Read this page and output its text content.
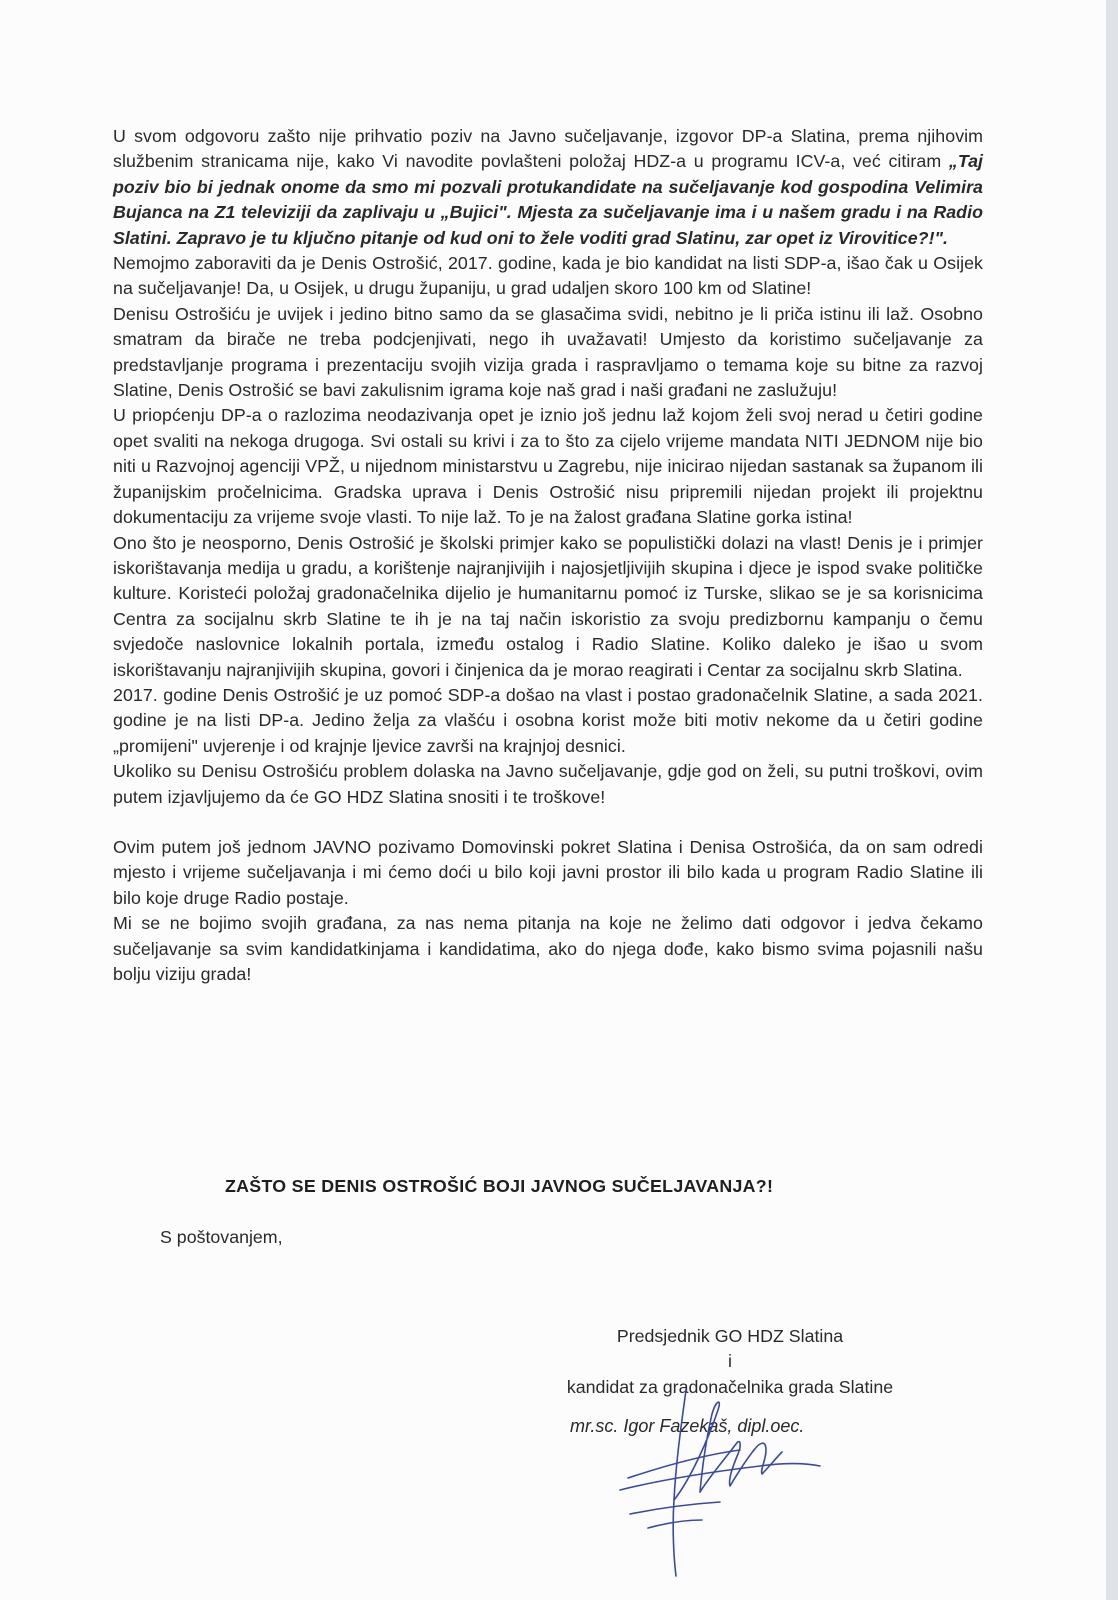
U svom odgovoru zašto nije prihvatio poziv na Javno sučeljavanje, izgovor DP-a Slatina, prema njihovim službenim stranicama nije, kako Vi navodite povlašteni položaj HDZ-a u programu ICV-a, već citiram „Taj poziv bio bi jednak onome da smo mi pozvali protukandidate na sučeljavanje kod gospodina Velimira Bujanca na Z1 televiziji da zaplivaju u „Bujici". Mjesta za sučeljavanje ima i u našem gradu i na Radio Slatini. Zapravo je tu ključno pitanje od kud oni to žele voditi grad Slatinu, zar opet iz Virovitice?!".

Nemojmo zaboraviti da je Denis Ostrošić, 2017. godine, kada je bio kandidat na listi SDP-a, išao čak u Osijek na sučeljavanje! Da, u Osijek, u drugu županiju, u grad udaljen skoro 100 km od Slatine!

Denisu Ostrošiću je uvijek i jedino bitno samo da se glasačima svidi, nebitno je li priča istinu ili laž. Osobno smatram da birače ne treba podcjenjivati, nego ih uvažavati! Umjesto da koristimo sučeljavanje za predstavljanje programa i prezentaciju svojih vizija grada i raspravljamo o temama koje su bitne za razvoj Slatine, Denis Ostrošić se bavi zakulisnim igrama koje naš grad i naši građani ne zaslužuju!

U priopćenju DP-a o razlozima neodazivanja opet je iznio još jednu laž kojom želi svoj nerad u četiri godine opet svaliti na nekoga drugoga. Svi ostali su krivi i za to što za cijelo vrijeme mandata NITI JEDNOM nije bio niti u Razvojnoj agenciji VPŽ, u nijednom ministarstvu u Zagrebu, nije inicirao nijedan sastanak sa županom ili županijskim pročelnicima. Gradska uprava i Denis Ostrošić nisu pripremili nijedan projekt ili projektnu dokumentaciju za vrijeme svoje vlasti. To nije laž. To je na žalost građana Slatine gorka istina!

Ono što je neosporno, Denis Ostrošić je školski primjer kako se populistički dolazi na vlast! Denis je i primjer iskorištavanja medija u gradu, a korištenje najranjivijih i najosjetljivijih skupina i djece je ispod svake političke kulture. Koristeći položaj gradonačelnika dijelio je humanitarnu pomoć iz Turske, slikao se je sa korisnicima Centra za socijalnu skrb Slatine te ih je na taj način iskoristio za svoju predizbornu kampanju o čemu svjedoče naslovnice lokalnih portala, između ostalog i Radio Slatine. Koliko daleko je išao u svom iskorištavanju najranjivijih skupina, govori i činjenica da je morao reagirati i Centar za socijalnu skrb Slatina.

2017. godine Denis Ostrošić je uz pomoć SDP-a došao na vlast i postao gradonačelnik Slatine, a sada 2021. godine je na listi DP-a. Jedino želja za vlašću i osobna korist može biti motiv nekome da u četiri godine „promijeni" uvjerenje i od krajnje ljevice završi na krajnjoj desnici.

Ukoliko su Denisu Ostrošiću problem dolaska na Javno sučeljavanje, gdje god on želi, su putni troškovi, ovim putem izjavljujemo da će GO HDZ Slatina snositi i te troškove!

Ovim putem još jednom JAVNO pozivamo Domovinski pokret Slatina i Denisa Ostrošića, da on sam odredi mjesto i vrijeme sučeljavanja i mi ćemo doći u bilo koji javni prostor ili bilo kada u program Radio Slatine ili bilo koje druge Radio postaje.

Mi se ne bojimo svojih građana, za nas nema pitanja na koje ne želimo dati odgovor i jedva čekamo sučeljavanje sa svim kandidatkinjama i kandidatima, ako do njega dođe, kako bismo svima pojasnili našu bolju viziju grada!

ZAŠTO SE DENIS OSTROŠIĆ BOJI JAVNOG SUČELJAVANJA?!
S poštovanjem,
Predsjednik GO HDZ Slatina
i
kandidat za gradonačelnika grada Slatine
mr.sc. Igor Fazekaš, dipl.oec.
